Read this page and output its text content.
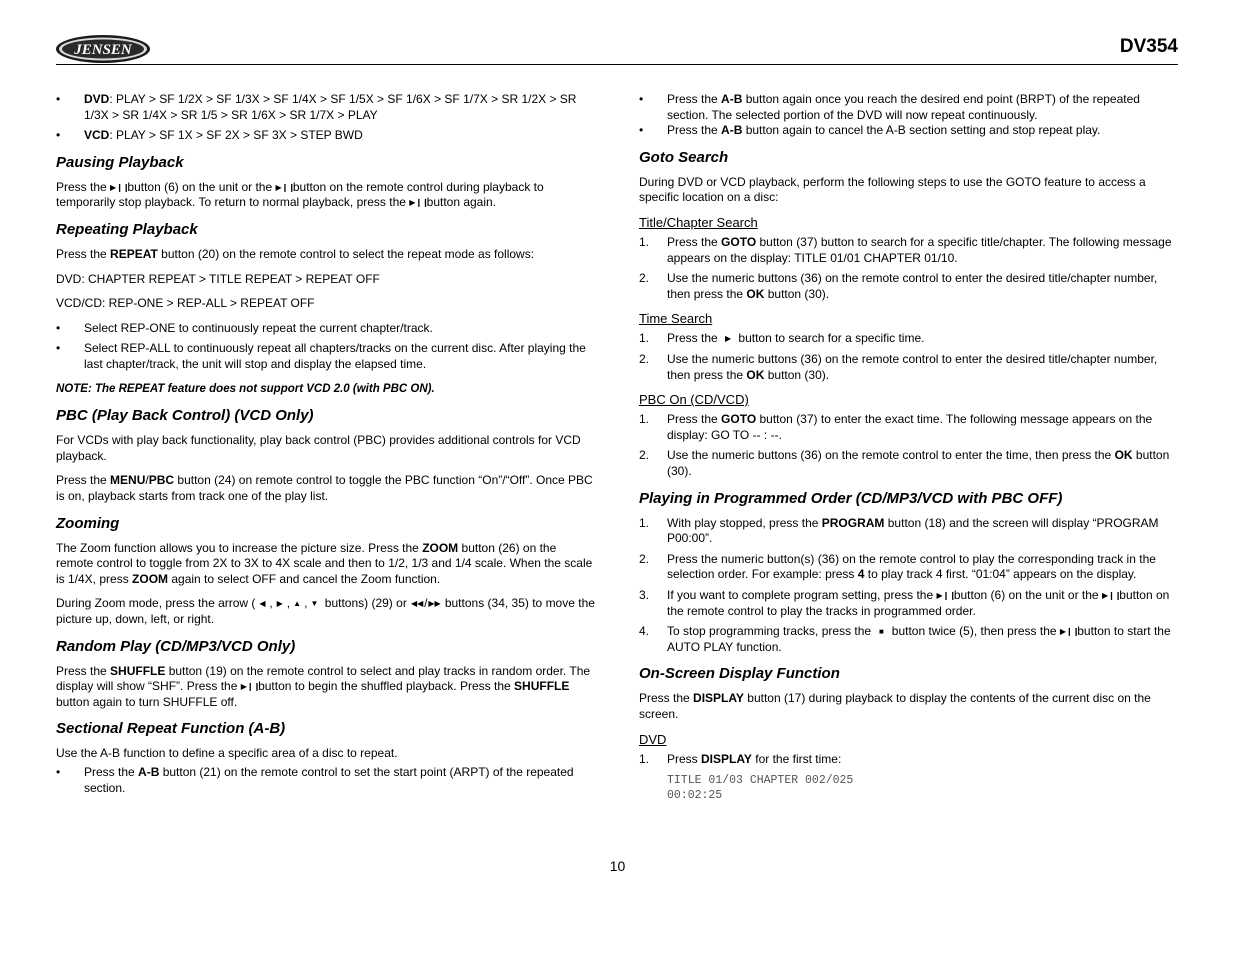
JENSEN	DV354
• DVD: PLAY > SF 1/2X > SF 1/3X > SF 1/4X > SF 1/5X > SF 1/6X > SF 1/7X > SR 1/2X > SR 1/3X > SR 1/4X > SR 1/5 > SR 1/6X > SR 1/7X > PLAY
• VCD: PLAY > SF 1X > SF 2X > SF 3X > STEP BWD
Pausing Playback

Press the ▶❙❙ button (6) on the unit or the ▶❙❙ button on the remote control during playback to temporarily stop playback. To return to normal playback, press the ▶❙❙ button again.

Repeating Playback

Press the REPEAT button (20) on the remote control to select the repeat mode as follows:

DVD: CHAPTER REPEAT > TITLE REPEAT > REPEAT OFF

VCD/CD: REP-ONE > REP-ALL > REPEAT OFF

• Select REP-ONE to continuously repeat the current chapter/track.
• Select REP-ALL to continuously repeat all chapters/tracks on the current disc. After playing the last chapter/track, the unit will stop and display the elapsed time.

NOTE: The REPEAT feature does not support VCD 2.0 (with PBC ON).

PBC (Play Back Control) (VCD Only)

For VCDs with play back functionality, play back control (PBC) provides additional controls for VCD playback.

Press the MENU/PBC button (24) on remote control to toggle the PBC function “On”/“Off”. Once PBC is on, playback starts from track one of the play list.

Zooming

The Zoom function allows you to increase the picture size. Press the ZOOM button (26) on the remote control to toggle from 2X to 3X to 4X scale and then to 1/2, 1/3 and 1/4 scale. When the scale is 1/4X, press ZOOM again to select OFF and cancel the Zoom function.

During Zoom mode, press the arrow ( ◀ , ▶ , ▲ , ▼ buttons) (29) or ◀◀/▶▶ buttons (34, 35) to move the picture up, down, left, or right.

Random Play (CD/MP3/VCD Only)

Press the SHUFFLE button (19) on the remote control to select and play tracks in random order. The display will show “SHF”. Press the ▶❙❙ button to begin the shuffled playback. Press the SHUFFLE button again to turn SHUFFLE off.

Sectional Repeat Function (A-B)

Use the A-B function to define a specific area of a disc to repeat.

• Press the A-B button (21) on the remote control to set the start point (ARPT) of the repeated section.
• Press the A-B button again once you reach the desired end point (BRPT) of the repeated section. The selected portion of the DVD will now repeat continuously.
• Press the A-B button again to cancel the A-B section setting and stop repeat play.
Goto Search

During DVD or VCD playback, perform the following steps to use the GOTO feature to access a specific location on a disc:

Title/Chapter Search
1. Press the GOTO button (37) button to search for a specific title/chapter. The following message appears on the display: TITLE 01/01 CHAPTER 01/10.
2. Use the numeric buttons (36) on the remote control to enter the desired title/chapter number, then press the OK button (30).
Time Search
1. Press the ▶ button to search for a specific time.
2. Use the numeric buttons (36) on the remote control to enter the desired title/chapter number, then press the OK button (30).
PBC On (CD/VCD)
1. Press the GOTO button (37) to enter the exact time. The following message appears on the display: GO TO -- : --.
2. Use the numeric buttons (36) on the remote control to enter the time, then press the OK button (30).
Playing in Programmed Order (CD/MP3/VCD with PBC OFF)
1. With play stopped, press the PROGRAM button (18) and the screen will display “PROGRAM P00:00”.
2. Press the numeric button(s) (36) on the remote control to play the corresponding track in the selection order. For example: press 4 to play track 4 first. “01:04” appears on the display.
3. If you want to complete program setting, press the ▶❙❙ button (6) on the unit or the ▶❙❙ button on the remote control to play the tracks in programmed order.
4. To stop programming tracks, press the ■ button twice (5), then press the ▶❙❙ button to start the AUTO PLAY function.
On-Screen Display Function

Press the DISPLAY button (17) during playback to display the contents of the current disc on the screen.

DVD
1. Press DISPLAY for the first time:
TITLE 01/03 CHAPTER 002/025
00:02:25
10
